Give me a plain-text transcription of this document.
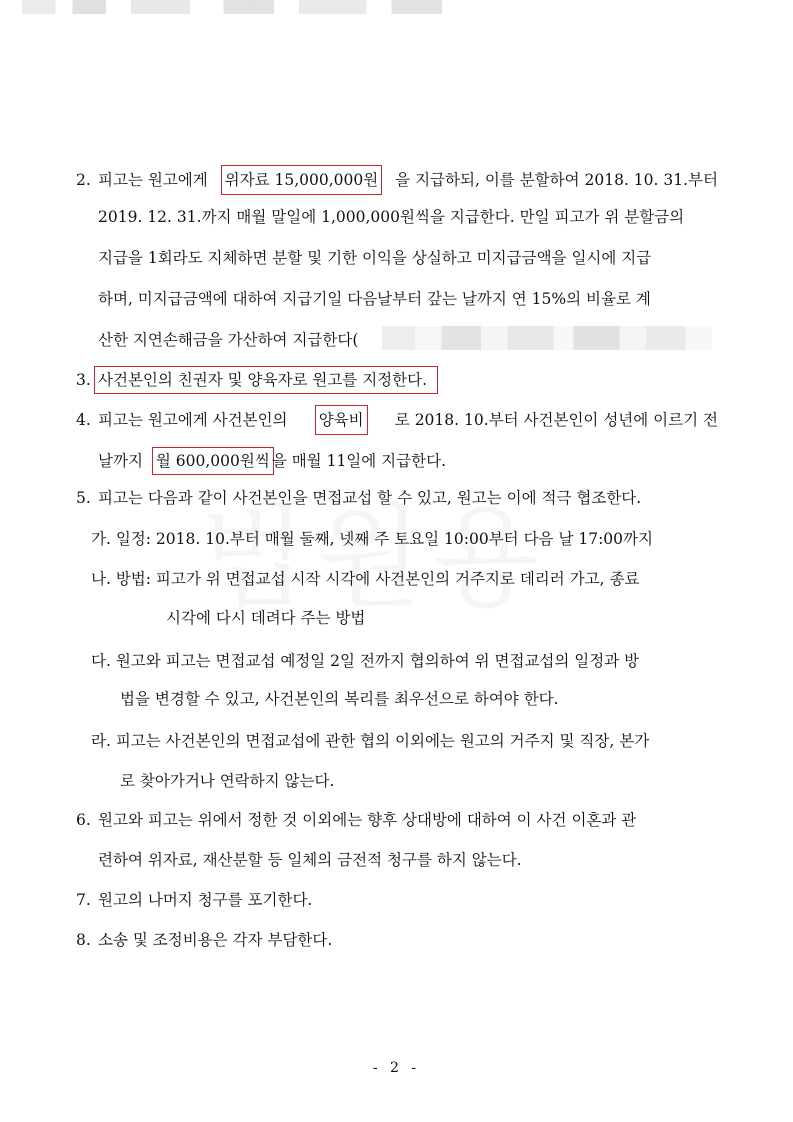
2. 피고는 원고에게 위자료 15,000,000원 을 지급하되, 이를 분할하여 2018. 10. 31.부터
2019. 12. 31.까지 매월 말일에 1,000,000원씩을 지급한다. 만일 피고가 위 분할금의
지급을 1회라도 지체하면 분할 및 기한 이익을 상실하고 미지급금액을 일시에 지급
하며, 미지급금액에 대하여 지급기일 다음날부터 갚는 날까지 연 15%의 비율로 계
산한 지연손해금을 가산하여 지급한다(
3. 사건본인의 친권자 및 양육자로 원고를 지정한다.
4. 피고는 원고에게 사건본인의 양육비 로 2018. 10.부터 사건본인이 성년에 이르기 전
날까지 월 600,000원씩 을 매월 11일에 지급한다.
5. 피고는 다음과 같이 사건본인을 면접교섭 할 수 있고, 원고는 이에 적극 협조한다.
가. 일정: 2018. 10.부터 매월 둘째, 넷째 주 토요일 10:00부터 다음 날 17:00까지
나. 방법: 피고가 위 면접교섭 시작 시각에 사건본인의 거주지로 데리러 가고, 종료
시각에 다시 데려다 주는 방법
다. 원고와 피고는 면접교섭 예정일 2일 전까지 협의하여 위 면접교섭의 일정과 방
법을 변경할 수 있고, 사건본인의 복리를 최우선으로 하여야 한다.
라. 피고는 사건본인의 면접교섭에 관한 협의 이외에는 원고의 거주지 및 직장, 본가
로 찾아가거나 연락하지 않는다.
6. 원고와 피고는 위에서 정한 것 이외에는 향후 상대방에 대하여 이 사건 이혼과 관
련하여 위자료, 재산분할 등 일체의 금전적 청구를 하지 않는다.
7. 원고의 나머지 청구를 포기한다.
8. 소송 및 조정비용은 각자 부담한다.
- 2 -
